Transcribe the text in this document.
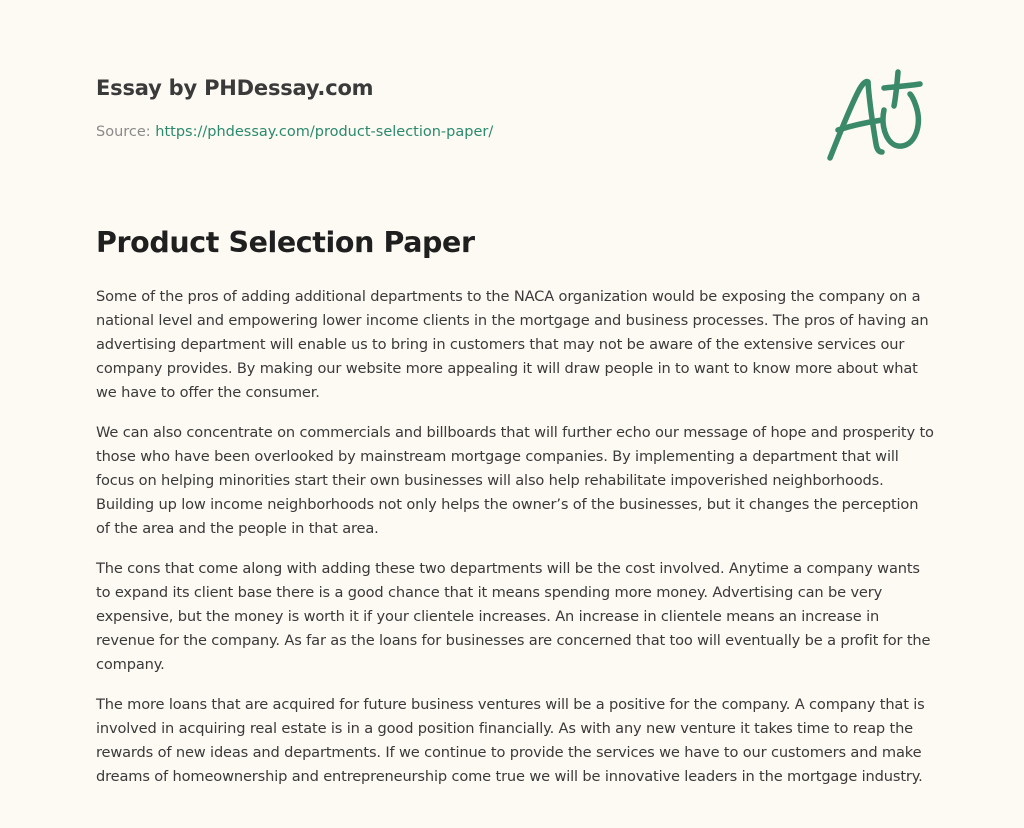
Essay by PHDessay.com
Source: https://phdessay.com/product-selection-paper/
Product Selection Paper

Some of the pros of adding additional departments to the NACA organization would be exposing the company on a national level and empowering lower income clients in the mortgage and business processes. The pros of having an advertising department will enable us to bring in customers that may not be aware of the extensive services our company provides. By making our website more appealing it will draw people in to want to know more about what we have to offer the consumer.

We can also concentrate on commercials and billboards that will further echo our message of hope and prosperity to those who have been overlooked by mainstream mortgage companies. By implementing a department that will focus on helping minorities start their own businesses will also help rehabilitate impoverished neighborhoods. Building up low income neighborhoods not only helps the owner’s of the businesses, but it changes the perception of the area and the people in that area.

The cons that come along with adding these two departments will be the cost involved. Anytime a company wants to expand its client base there is a good chance that it means spending more money. Advertising can be very expensive, but the money is worth it if your clientele increases. An increase in clientele means an increase in revenue for the company. As far as the loans for businesses are concerned that too will eventually be a profit for the company.

The more loans that are acquired for future business ventures will be a positive for the company. A company that is involved in acquiring real estate is in a good position financially. As with any new venture it takes time to reap the rewards of new ideas and departments. If we continue to provide the services we have to our customers and make dreams of homeownership and entrepreneurship come true we will be innovative leaders in the mortgage industry.
